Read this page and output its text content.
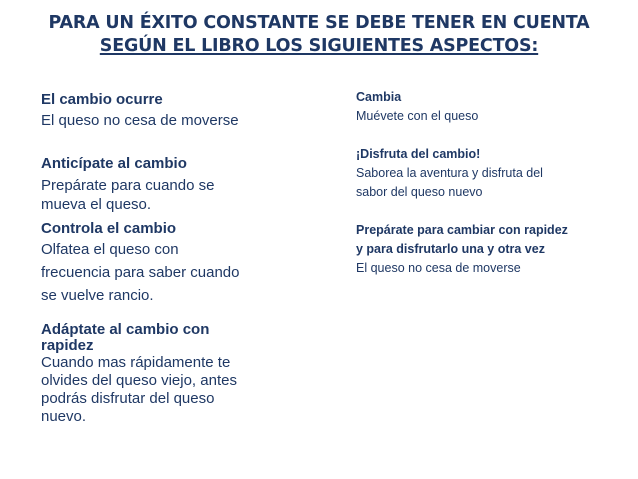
PARA UN ÉXITO CONSTANTE SE DEBE TENER EN CUENTA
SEGÚN EL LIBRO LOS SIGUIENTES ASPECTOS:
El cambio ocurre
El queso no cesa de moverse
Anticípate al cambio
Prepárate para cuando se
mueva el queso.
Controla el cambio
Olfatea el queso con
frecuencia para saber cuando
se vuelve rancio.
Adáptate al cambio con
rapidez
Cuando mas rápidamente te
olvides del queso viejo, antes
podrás disfrutar del queso
nuevo.
Cambia
Muévete con el queso
¡Disfruta del cambio!
Saborea la aventura y disfruta del
sabor del queso nuevo
Prepárate para cambiar con rapidez
y para disfrutarlo una y otra vez
El queso no cesa de moverse
